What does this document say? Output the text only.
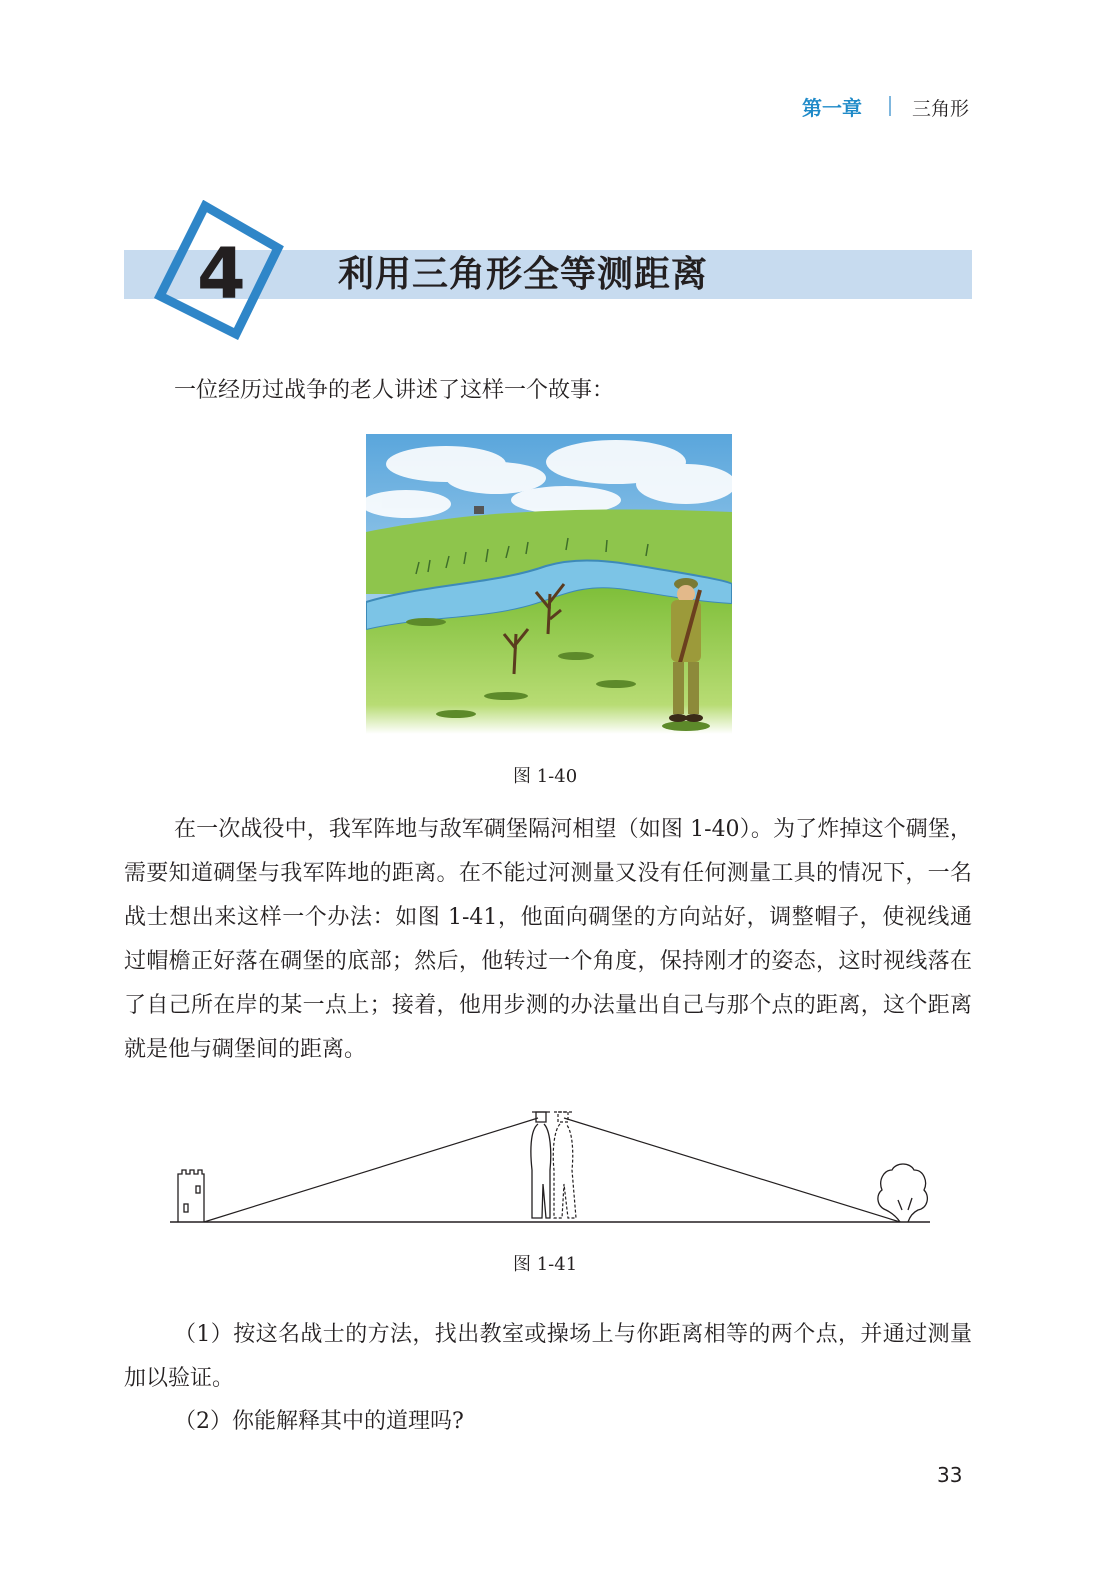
第一章	三角形
4	利用三角形全等测距离
一位经历过战争的老人讲述了这样一个故事：
图 1-40
在一次战役中，我军阵地与敌军碉堡隔河相望（如图 1-40）。为了炸掉这个碉堡，需要知道碉堡与我军阵地的距离。在不能过河测量又没有任何测量工具的情况下，一名战士想出来这样一个办法：如图 1-41，他面向碉堡的方向站好，调整帽子，使视线通过帽檐正好落在碉堡的底部；然后，他转过一个角度，保持刚才的姿态，这时视线落在了自己所在岸的某一点上；接着，他用步测的办法量出自己与那个点的距离，这个距离就是他与碉堡间的距离。
图 1-41
（1）按这名战士的方法，找出教室或操场上与你距离相等的两个点，并通过测量加以验证。
（2）你能解释其中的道理吗?
33
